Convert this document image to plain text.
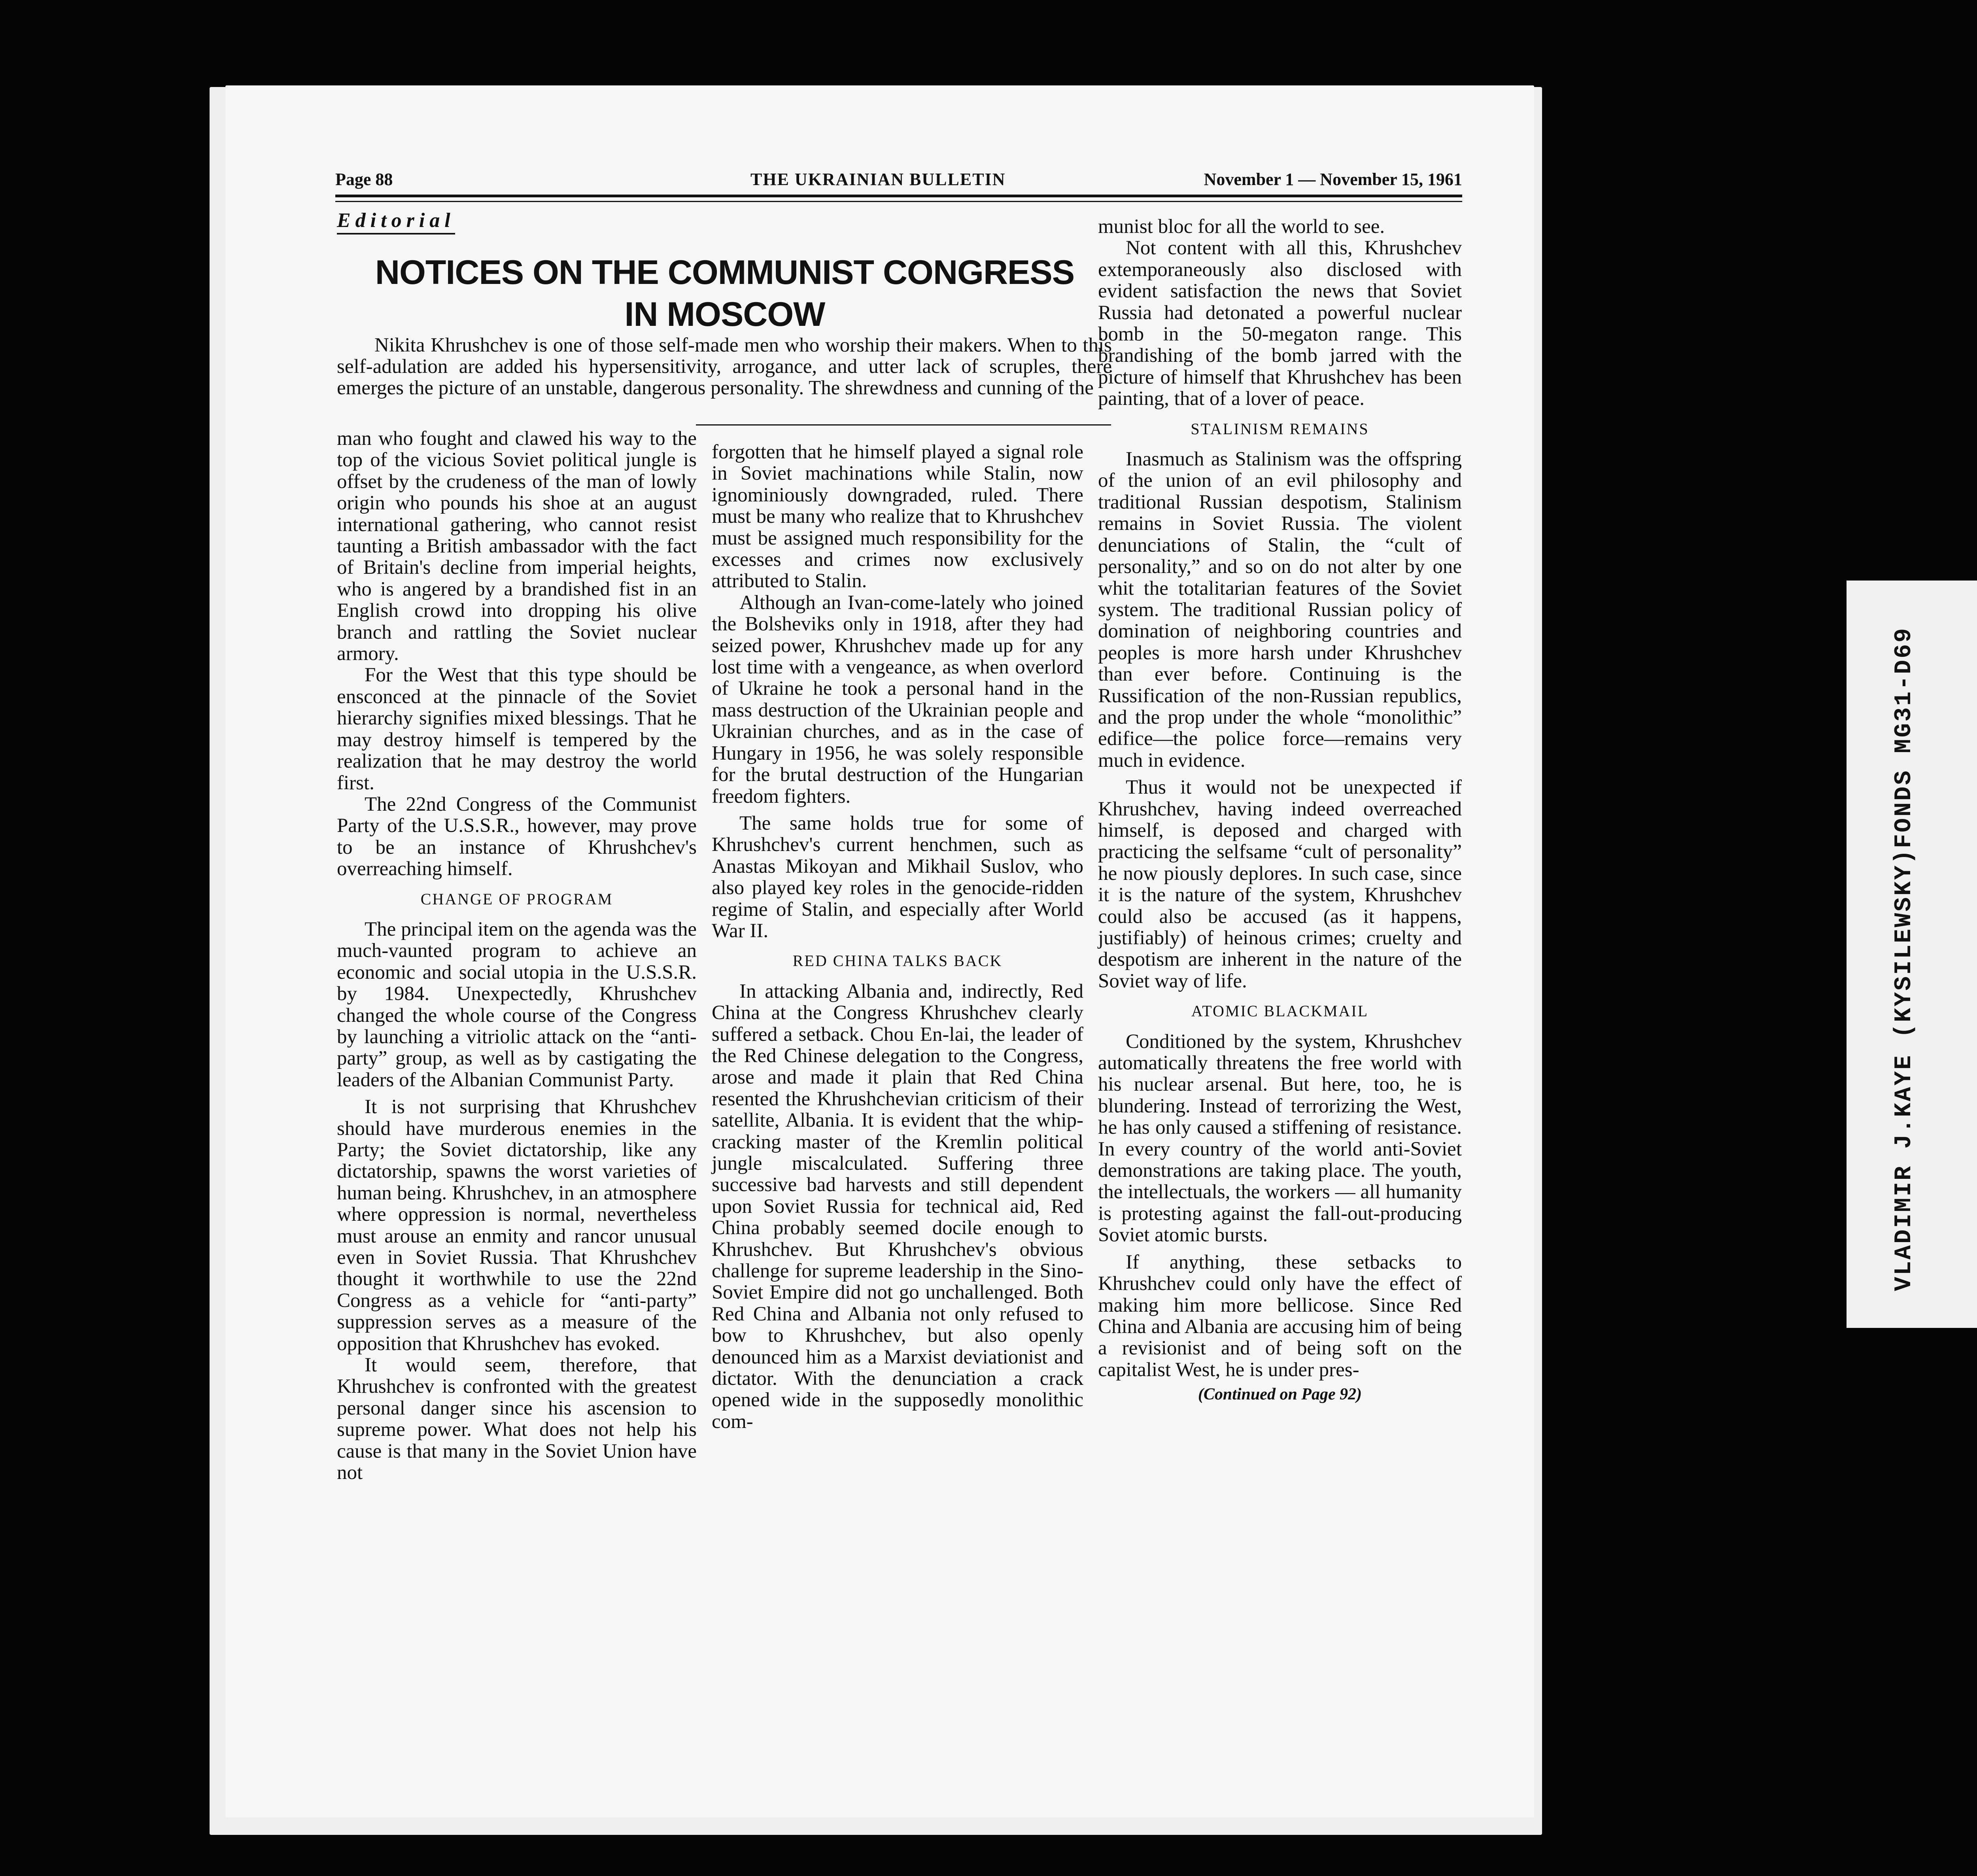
Page 88	THE UKRAINIAN BULLETIN	November 1 — November 15, 1961
Editorial
NOTICES ON THE COMMUNIST CONGRESS
IN MOSCOW

Nikita Khrushchev is one of those self-made men who worship their makers. When to this self-adulation are added his hypersensitivity, arrogance, and utter lack of scruples, there emerges the picture of an unstable, dangerous personality. The shrewdness and cunning of the

man who fought and clawed his way to the top of the vicious Soviet political jungle is offset by the crudeness of the man of lowly origin who pounds his shoe at an august international gathering, who cannot resist taunting a British ambassador with the fact of Britain's decline from imperial heights, who is angered by a brandished fist in an English crowd into dropping his olive branch and rattling the Soviet nuclear armory.

For the West that this type should be ensconced at the pinnacle of the Soviet hierarchy signifies mixed blessings. That he may destroy himself is tempered by the realization that he may destroy the world first.

The 22nd Congress of the Communist Party of the U.S.S.R., however, may prove to be an instance of Khrushchev's overreaching himself.

CHANGE OF PROGRAM

The principal item on the agenda was the much-vaunted program to achieve an economic and social utopia in the U.S.S.R. by 1984. Unexpectedly, Khrushchev changed the whole course of the Congress by launching a vitriolic attack on the “anti-party” group, as well as by castigating the leaders of the Albanian Communist Party.

It is not surprising that Khrushchev should have murderous enemies in the Party; the Soviet dictatorship, like any dictatorship, spawns the worst varieties of human being. Khrushchev, in an atmosphere where oppression is normal, nevertheless must arouse an enmity and rancor unusual even in Soviet Russia. That Khrushchev thought it worthwhile to use the 22nd Congress as a vehicle for “anti-party” suppression serves as a measure of the opposition that Khrushchev has evoked.

It would seem, therefore, that Khrushchev is confronted with the greatest personal danger since his ascension to supreme power. What does not help his cause is that many in the Soviet Union have not

forgotten that he himself played a signal role in Soviet machinations while Stalin, now ignominiously downgraded, ruled. There must be many who realize that to Khrushchev must be assigned much responsibility for the excesses and crimes now exclusively attributed to Stalin.

Although an Ivan-come-lately who joined the Bolsheviks only in 1918, after they had seized power, Khrushchev made up for any lost time with a vengeance, as when overlord of Ukraine he took a personal hand in the mass destruction of the Ukrainian people and Ukrainian churches, and as in the case of Hungary in 1956, he was solely responsible for the brutal destruction of the Hungarian freedom fighters.

The same holds true for some of Khrushchev's current henchmen, such as Anastas Mikoyan and Mikhail Suslov, who also played key roles in the genocide-ridden regime of Stalin, and especially after World War II.

RED CHINA TALKS BACK

In attacking Albania and, indirectly, Red China at the Congress Khrushchev clearly suffered a setback. Chou En-lai, the leader of the Red Chinese delegation to the Congress, arose and made it plain that Red China resented the Khrushchevian criticism of their satellite, Albania. It is evident that the whip-cracking master of the Kremlin political jungle miscalculated. Suffering three successive bad harvests and still dependent upon Soviet Russia for technical aid, Red China probably seemed docile enough to Khrushchev. But Khrushchev's obvious challenge for supreme leadership in the Sino-Soviet Empire did not go unchallenged. Both Red China and Albania not only refused to bow to Khrushchev, but also openly denounced him as a Marxist deviationist and dictator. With the denunciation a crack opened wide in the supposedly monolithic com-

munist bloc for all the world to see.

Not content with all this, Khrushchev extemporaneously also disclosed with evident satisfaction the news that Soviet Russia had detonated a powerful nuclear bomb in the 50-megaton range. This brandishing of the bomb jarred with the picture of himself that Khrushchev has been painting, that of a lover of peace.

STALINISM REMAINS

Inasmuch as Stalinism was the offspring of the union of an evil philosophy and traditional Russian despotism, Stalinism remains in Soviet Russia. The violent denunciations of Stalin, the “cult of personality,” and so on do not alter by one whit the totalitarian features of the Soviet system. The traditional Russian policy of domination of neighboring countries and peoples is more harsh under Khrushchev than ever before. Continuing is the Russification of the non-Russian republics, and the prop under the whole “monolithic” edifice—the police force—remains very much in evidence.

Thus it would not be unexpected if Khrushchev, having indeed overreached himself, is deposed and charged with practicing the selfsame “cult of personality” he now piously deplores. In such case, since it is the nature of the system, Khrushchev could also be accused (as it happens, justifiably) of heinous crimes; cruelty and despotism are inherent in the nature of the Soviet way of life.

ATOMIC BLACKMAIL

Conditioned by the system, Khrushchev automatically threatens the free world with his nuclear arsenal. But here, too, he is blundering. Instead of terrorizing the West, he has only caused a stiffening of resistance. In every country of the world anti-Soviet demonstrations are taking place. The youth, the intellectuals, the workers — all humanity is protesting against the fall-out-producing Soviet atomic bursts.

If anything, these setbacks to Khrushchev could only have the effect of making him more bellicose. Since Red China and Albania are accusing him of being a revisionist and of being soft on the capitalist West, he is under pres-

(Continued on Page 92)
VLADIMIR J.KAYE (KYSILEWSKY)FONDS MG31-D69
